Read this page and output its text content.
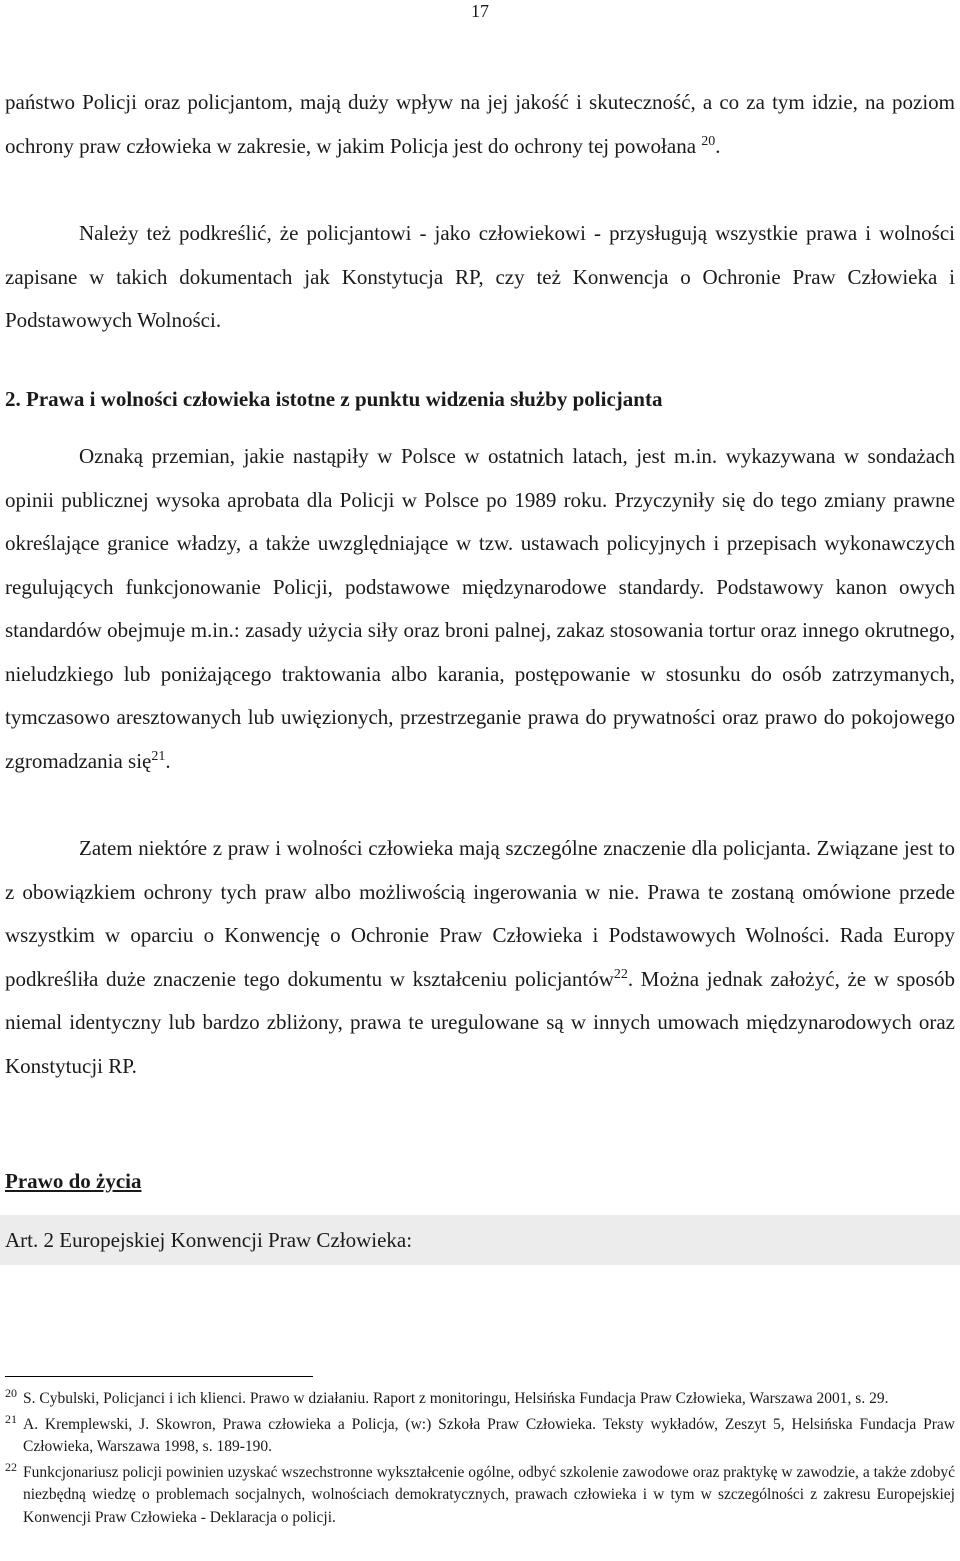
17

państwo Policji oraz policjantom, mają duży wpływ na jej jakość i skuteczność, a co za tym idzie, na poziom ochrony praw człowieka w zakresie, w jakim Policja jest do ochrony tej powołana $^{20}$.

Należy też podkreślić, że policjantowi - jako człowiekowi - przysługują wszystkie prawa i wolności zapisane w takich dokumentach jak Konstytucja RP, czy też Konwencja o Ochronie Praw Człowieka i Podstawowych Wolności.

2. Prawa i wolności człowieka istotne z punktu widzenia służby policjanta

Oznaką przemian, jakie nastąpiły w Polsce w ostatnich latach, jest m.in. wykazywana w sondażach opinii publicznej wysoka aprobata dla Policji w Polsce po 1989 roku. Przyczyniły się do tego zmiany prawne określające granice władzy, a także uwzględniające w tzw. ustawach policyjnych i przepisach wykonawczych regulujących funkcjonowanie Policji, podstawowe międzynarodowe standardy. Podstawowy kanon owych standardów obejmuje m.in.: zasady użycia siły oraz broni palnej, zakaz stosowania tortur oraz innego okrutnego, nieludzkiego lub poniżającego traktowania albo karania, postępowanie w stosunku do osób zatrzymanych, tymczasowo aresztowanych lub uwięzionych, przestrzeganie prawa do prywatności oraz prawo do pokojowego zgromadzania się$^{21}$.

Zatem niektóre z praw i wolności człowieka mają szczególne znaczenie dla policjanta. Związane jest to z obowiązkiem ochrony tych praw albo możliwością ingerowania w nie. Prawa te zostaną omówione przede wszystkim w oparciu o Konwencję o Ochronie Praw Człowieka i Podstawowych Wolności. Rada Europy podkreśliła duże znaczenie tego dokumentu w kształceniu policjantów$^{22}$. Można jednak założyć, że w sposób niemal identyczny lub bardzo zbliżony, prawa te uregulowane są w innych umowach międzynarodowych oraz Konstytucji RP.

Prawo do życia

Art. 2 Europejskiej Konwencji Praw Człowieka:
20 S. Cybulski, Policjanci i ich klienci. Prawo w działaniu. Raport z monitoringu, Helsińska Fundacja Praw Człowieka, Warszawa 2001, s. 29.
21 A. Kremplewski, J. Skowron, Prawa człowieka a Policja, (w:) Szkoła Praw Człowieka. Teksty wykładów, Zeszyt 5, Helsińska Fundacja Praw Człowieka, Warszawa 1998, s. 189-190.
22 Funkcjonariusz policji powinien uzyskać wszechstronne wykształcenie ogólne, odbyć szkolenie zawodowe oraz praktykę w zawodzie, a także zdobyć niezbędną wiedzę o problemach socjalnych, wolnościach demokratycznych, prawach człowieka i w tym w szczególności z zakresu Europejskiej Konwencji Praw Człowieka - Deklaracja o policji.
